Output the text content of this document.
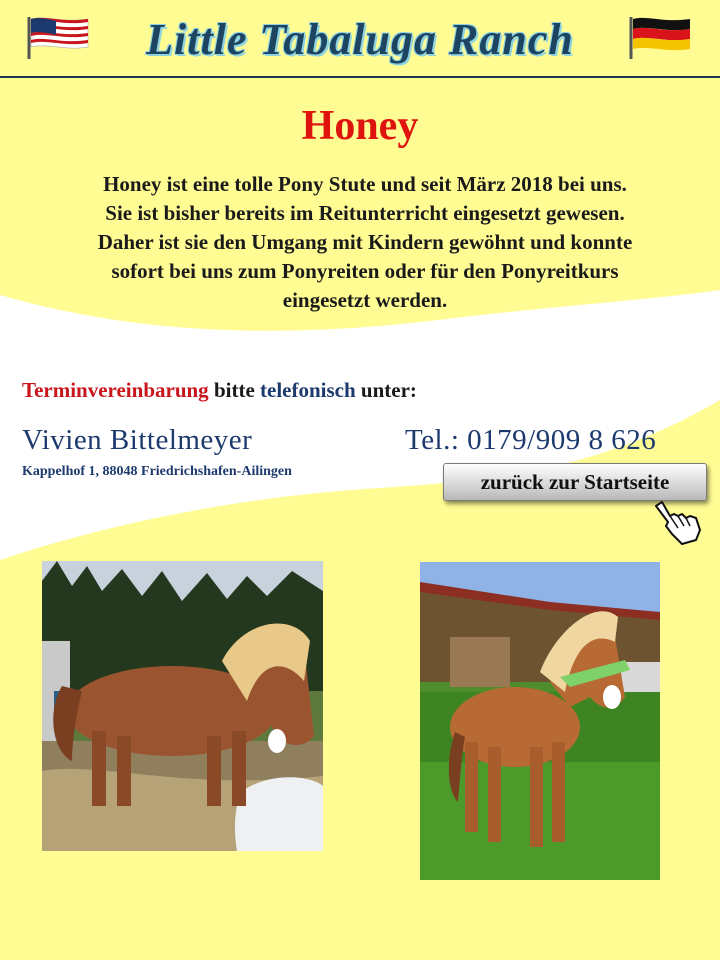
Little Tabaluga Ranch
Honey
Honey ist eine tolle Pony Stute und seit März 2018 bei uns.
Sie ist bisher bereits im Reitunterricht eingesetzt gewesen.
Daher ist sie den Umgang mit Kindern gewöhnt und konnte
sofort bei uns zum Ponyreiten oder für den Ponyreitkurs
eingesetzt werden.
Terminvereinbarung bitte telefonisch unter:
Vivien Bittelmeyer	Tel.: 0179/909 8 626
Kappelhof 1, 88048 Friedrichshafen-Ailingen	zurück zur Startseite
